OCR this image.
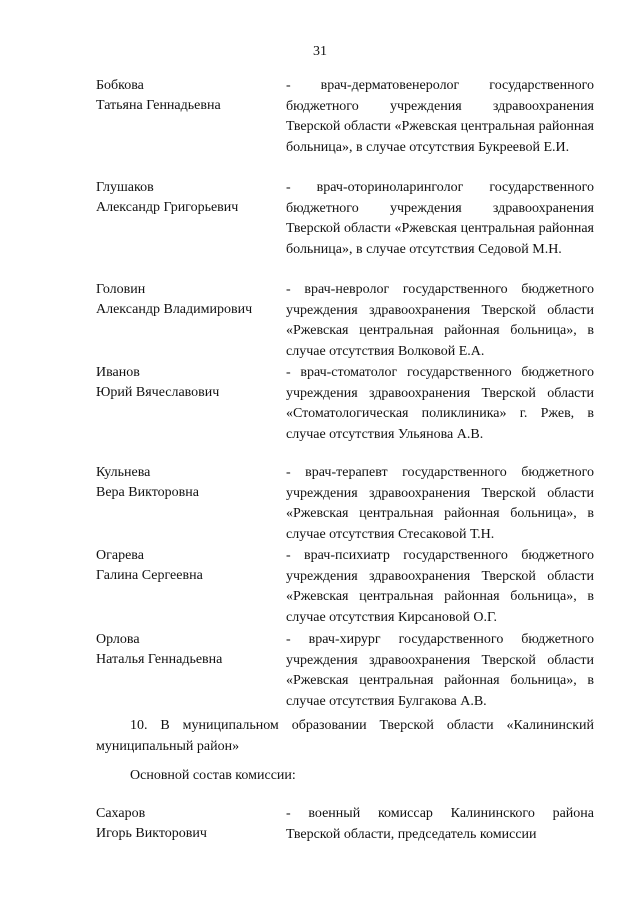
31
Бобкова
Татьяна Геннадьевна
- врач-дерматовенеролог государственного бюджетного учреждения здравоохранения Тверской области «Ржевская центральная районная больница», в случае отсутствия Букреевой Е.И.
Глушаков
Александр Григорьевич
- врач-оториноларинголог государственного бюджетного учреждения здравоохранения Тверской области «Ржевская центральная районная больница», в случае отсутствия Седовой М.Н.
Головин
Александр Владимирович
- врач-невролог государственного бюджетного учреждения здравоохранения Тверской области «Ржевская центральная районная больница», в случае отсутствия Волковой Е.А.
Иванов
Юрий Вячеславович
- врач-стоматолог государственного бюджетного учреждения здравоохранения Тверской области «Стоматологическая поликлиника» г. Ржев, в случае отсутствия Ульянова А.В.
Кульнева
Вера Викторовна
- врач-терапевт государственного бюджетного учреждения здравоохранения Тверской области «Ржевская центральная районная больница», в случае отсутствия Стесаковой Т.Н.
Огарева
Галина Сергеевна
- врач-психиатр государственного бюджетного учреждения здравоохранения Тверской области «Ржевская центральная районная больница», в случае отсутствия Кирсановой О.Г.
Орлова
Наталья Геннадьевна
- врач-хирург государственного бюджетного учреждения здравоохранения Тверской области «Ржевская центральная районная больница», в случае отсутствия Булгакова А.В.
10. В муниципальном образовании Тверской области «Калининский муниципальный район»
Основной состав комиссии:
Сахаров
Игорь Викторович
- военный комиссар Калининского района Тверской области, председатель комиссии
